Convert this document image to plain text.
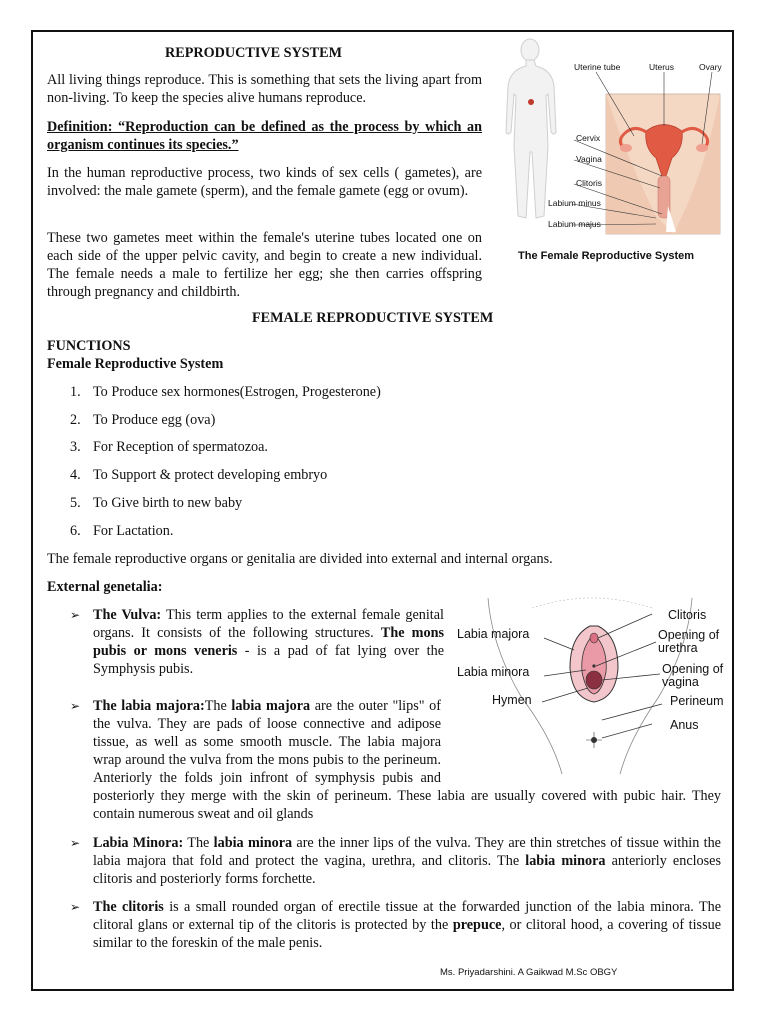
REPRODUCTIVE SYSTEM
All living things reproduce. This is something that sets the living apart from non-living. To keep the species alive humans reproduce.
Definition: “Reproduction can be defined as the process by which an organism continues its species.”
In the human reproductive process, two kinds of sex cells ( gametes), are involved: the male gamete (sperm), and the female gamete (egg or ovum).
These two gametes meet within the female's uterine tubes located one on each side of the upper pelvic cavity, and begin to create a new individual. The female needs a male to fertilize her egg; she then carries offspring through pregnancy and childbirth.
Uterine tube	Uterus	Ovary
Cervix
Vagina
Clitoris
Labium minus
Labium majus
The Female Reproductive System
FEMALE REPRODUCTIVE SYSTEM
FUNCTIONS
Female Reproductive System
1. To Produce sex hormones(Estrogen, Progesterone)
2. To Produce egg (ova)
3. For Reception of spermatozoa.
4. To Support & protect developing embryo
5. To Give birth to new baby
6. For Lactation.
The female reproductive organs or genitalia are divided into external and internal organs.
External genetalia:
Clitoris
Labia majora	Opening of
urethra
Labia minora	Opening of
vagina
Hymen	Perineum
Anus
➢ The Vulva: This term applies to the external female genital organs. It consists of the following structures. The mons pubis or mons veneris - is a pad of fat lying over the Symphysis pubis.
➢ The labia majora:The labia majora are the outer "lips" of the vulva. They are pads of loose connective and adipose tissue, as well as some smooth muscle. The labia majora wrap around the vulva from the mons pubis to the perineum. Anteriorly the folds join infront of symphysis pubis and posteriorly they merge with the skin of perineum. These labia are usually covered with pubic hair. They contain numerous sweat and oil glands
➢ Labia Minora: The labia minora are the inner lips of the vulva. They are thin stretches of tissue within the labia majora that fold and protect the vagina, urethra, and clitoris. The labia minora anteriorly encloses clitoris and posteriorly forms forchette.
➢ The clitoris is a small rounded organ of erectile tissue at the forwarded junction of the labia minora. The clitoral glans or external tip of the clitoris is protected by the prepuce, or clitoral hood, a covering of tissue similar to the foreskin of the male penis.
Ms. Priyadarshini. A Gaikwad M.Sc OBGY
